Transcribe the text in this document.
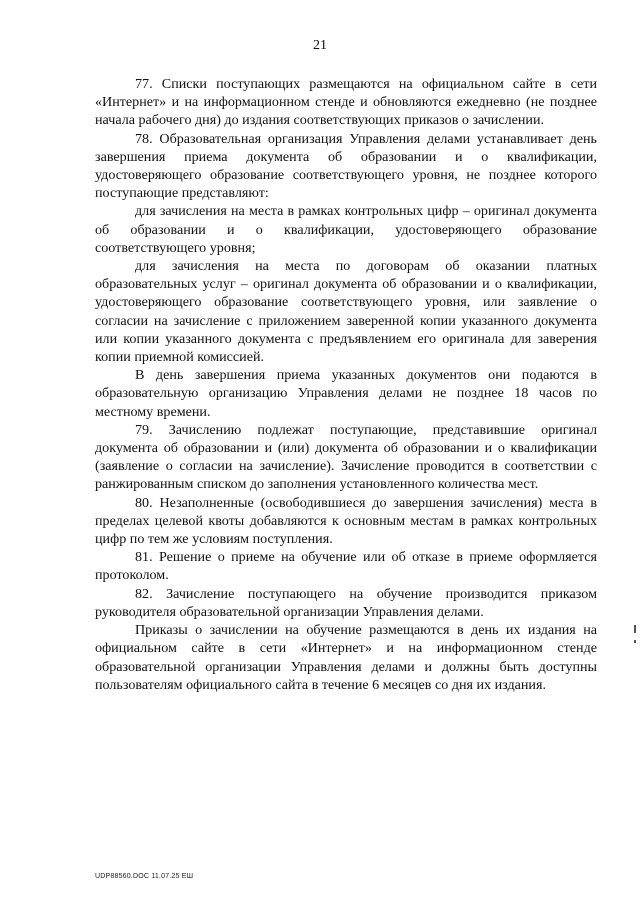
21

77. Списки поступающих размещаются на официальном сайте в сети «Интернет» и на информационном стенде и обновляются ежедневно (не позднее начала рабочего дня) до издания соответствующих приказов о зачислении.

78. Образовательная организация Управления делами устанавливает день завершения приема документа об образовании и о квалификации, удостоверяющего образование соответствующего уровня, не позднее которого поступающие представляют:

для зачисления на места в рамках контрольных цифр – оригинал документа об образовании и о квалификации, удостоверяющего образование соответствующего уровня;

для зачисления на места по договорам об оказании платных образовательных услуг – оригинал документа об образовании и о квалификации, удостоверяющего образование соответствующего уровня, или заявление о согласии на зачисление с приложением заверенной копии указанного документа или копии указанного документа с предъявлением его оригинала для заверения копии приемной комиссией.

В день завершения приема указанных документов они подаются в образовательную организацию Управления делами не позднее 18 часов по местному времени.

79. Зачислению подлежат поступающие, представившие оригинал документа об образовании и (или) документа об образовании и о квалификации (заявление о согласии на зачисление). Зачисление проводится в соответствии с ранжированным списком до заполнения установленного количества мест.

80. Незаполненные (освободившиеся до завершения зачисления) места в пределах целевой квоты добавляются к основным местам в рамках контрольных цифр по тем же условиям поступления.

81. Решение о приеме на обучение или об отказе в приеме оформляется протоколом.

82. Зачисление поступающего на обучение производится приказом руководителя образовательной организации Управления делами.

Приказы о зачислении на обучение размещаются в день их издания на официальном сайте в сети «Интернет» и на информационном стенде образовательной организации Управления делами и должны быть доступны пользователям официального сайта в течение 6 месяцев со дня их издания.

UDP88560.DOC 11.07.25 ЕШ
